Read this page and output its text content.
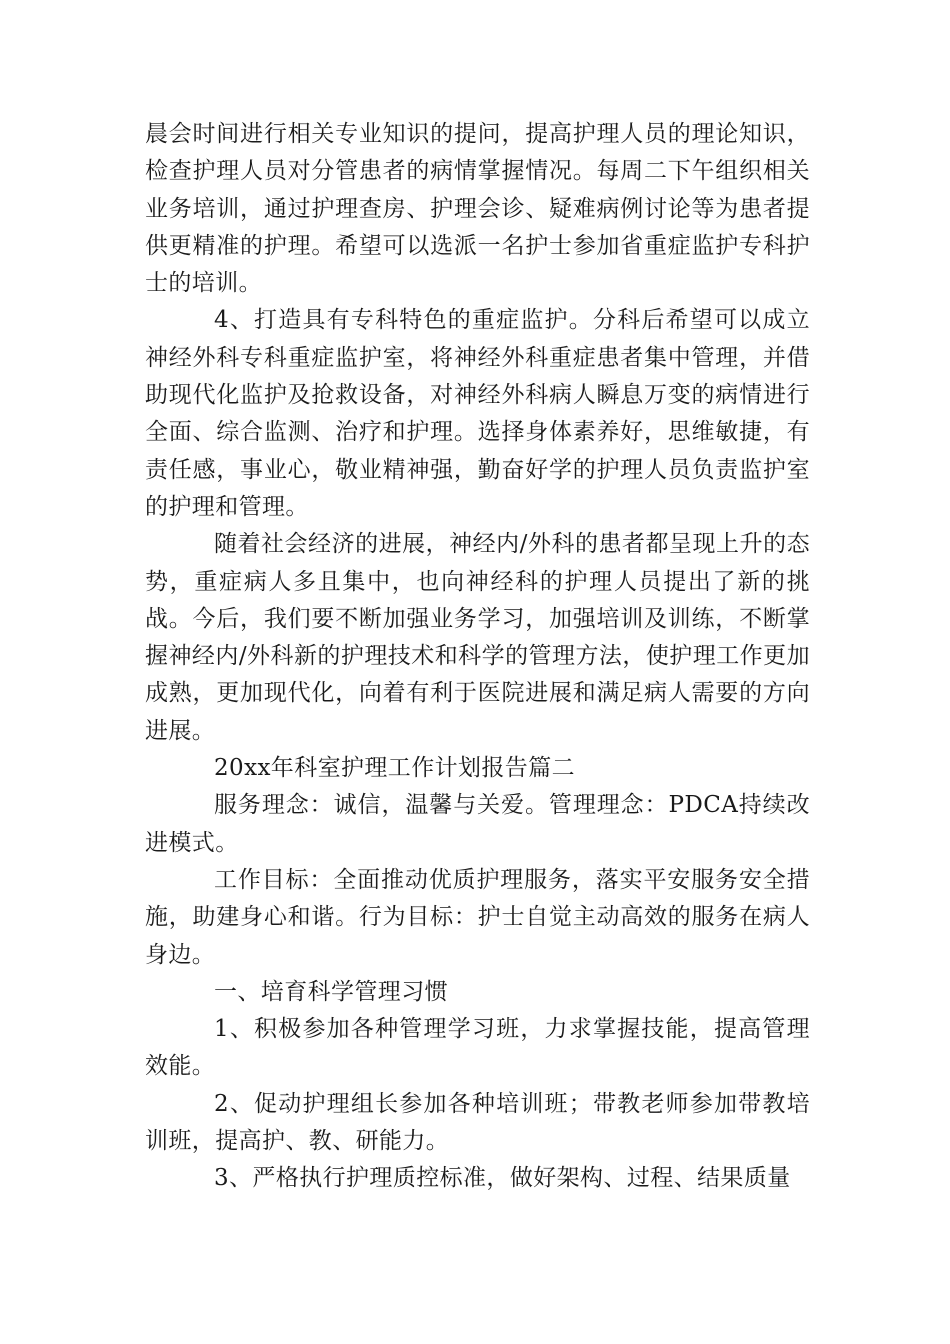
晨会时间进行相关专业知识的提问，提高护理人员的理论知识，检查护理人员对分管患者的病情掌握情况。每周二下午组织相关业务培训，通过护理查房、护理会诊、疑难病例讨论等为患者提供更精准的护理。希望可以选派一名护士参加省重症监护专科护士的培训。

4、打造具有专科特色的重症监护。分科后希望可以成立神经外科专科重症监护室，将神经外科重症患者集中管理，并借助现代化监护及抢救设备，对神经外科病人瞬息万变的病情进行全面、综合监测、治疗和护理。选择身体素养好，思维敏捷，有责任感，事业心，敬业精神强，勤奋好学的护理人员负责监护室的护理和管理。

随着社会经济的进展，神经内/外科的患者都呈现上升的态势，重症病人多且集中，也向神经科的护理人员提出了新的挑战。今后，我们要不断加强业务学习，加强培训及训练，不断掌握神经内/外科新的护理技术和科学的管理方法，使护理工作更加成熟，更加现代化，向着有利于医院进展和满足病人需要的方向进展。

20xx年科室护理工作计划报告篇二

服务理念：诚信，温馨与关爱。管理理念：PDCA持续改进模式。

工作目标：全面推动优质护理服务，落实平安服务安全措施，助建身心和谐。行为目标：护士自觉主动高效的服务在病人身边。

一、培育科学管理习惯

1、积极参加各种管理学习班，力求掌握技能，提高管理效能。

2、促动护理组长参加各种培训班；带教老师参加带教培训班，提高护、教、研能力。

3、严格执行护理质控标准，做好架构、过程、结果质量
